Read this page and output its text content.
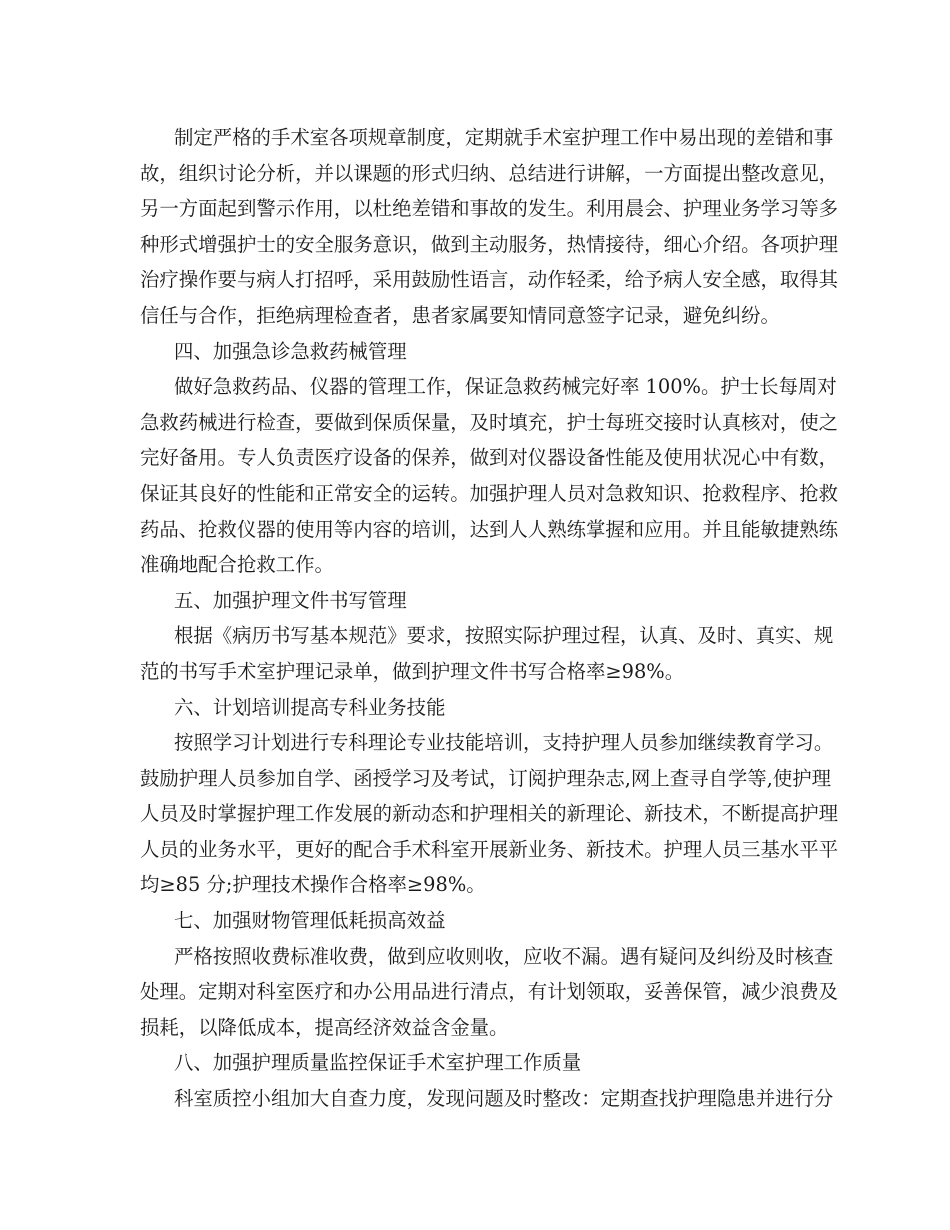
制定严格的手术室各项规章制度，定期就手术室护理工作中易出现的差错和事
故，组织讨论分析，并以课题的形式归纳、总结进行讲解，一方面提出整改意见，
另一方面起到警示作用，以杜绝差错和事故的发生。利用晨会、护理业务学习等多
种形式增强护士的安全服务意识，做到主动服务，热情接待，细心介绍。各项护理
治疗操作要与病人打招呼，采用鼓励性语言，动作轻柔，给予病人安全感，取得其
信任与合作，拒绝病理检查者，患者家属要知情同意签字记录，避免纠纷。
四、加强急诊急救药械管理
做好急救药品、仪器的管理工作，保证急救药械完好率 100%。护士长每周对
急救药械进行检查，要做到保质保量，及时填充，护士每班交接时认真核对，使之
完好备用。专人负责医疗设备的保养，做到对仪器设备性能及使用状况心中有数，
保证其良好的性能和正常安全的运转。加强护理人员对急救知识、抢救程序、抢救
药品、抢救仪器的使用等内容的培训，达到人人熟练掌握和应用。并且能敏捷熟练
准确地配合抢救工作。
五、加强护理文件书写管理
根据《病历书写基本规范》要求，按照实际护理过程，认真、及时、真实、规
范的书写手术室护理记录单，做到护理文件书写合格率≥98%。
六、计划培训提高专科业务技能
按照学习计划进行专科理论专业技能培训，支持护理人员参加继续教育学习。
鼓励护理人员参加自学、函授学习及考试，订阅护理杂志,网上查寻自学等,使护理
人员及时掌握护理工作发展的新动态和护理相关的新理论、新技术，不断提高护理
人员的业务水平，更好的配合手术科室开展新业务、新技术。护理人员三基水平平
均≥85 分;护理技术操作合格率≥98%。
七、加强财物管理低耗损高效益
严格按照收费标准收费，做到应收则收，应收不漏。遇有疑问及纠纷及时核查
处理。定期对科室医疗和办公用品进行清点，有计划领取，妥善保管，减少浪费及
损耗，以降低成本，提高经济效益含金量。
八、加强护理质量监控保证手术室护理工作质量
科室质控小组加大自查力度，发现问题及时整改：定期查找护理隐患并进行分
